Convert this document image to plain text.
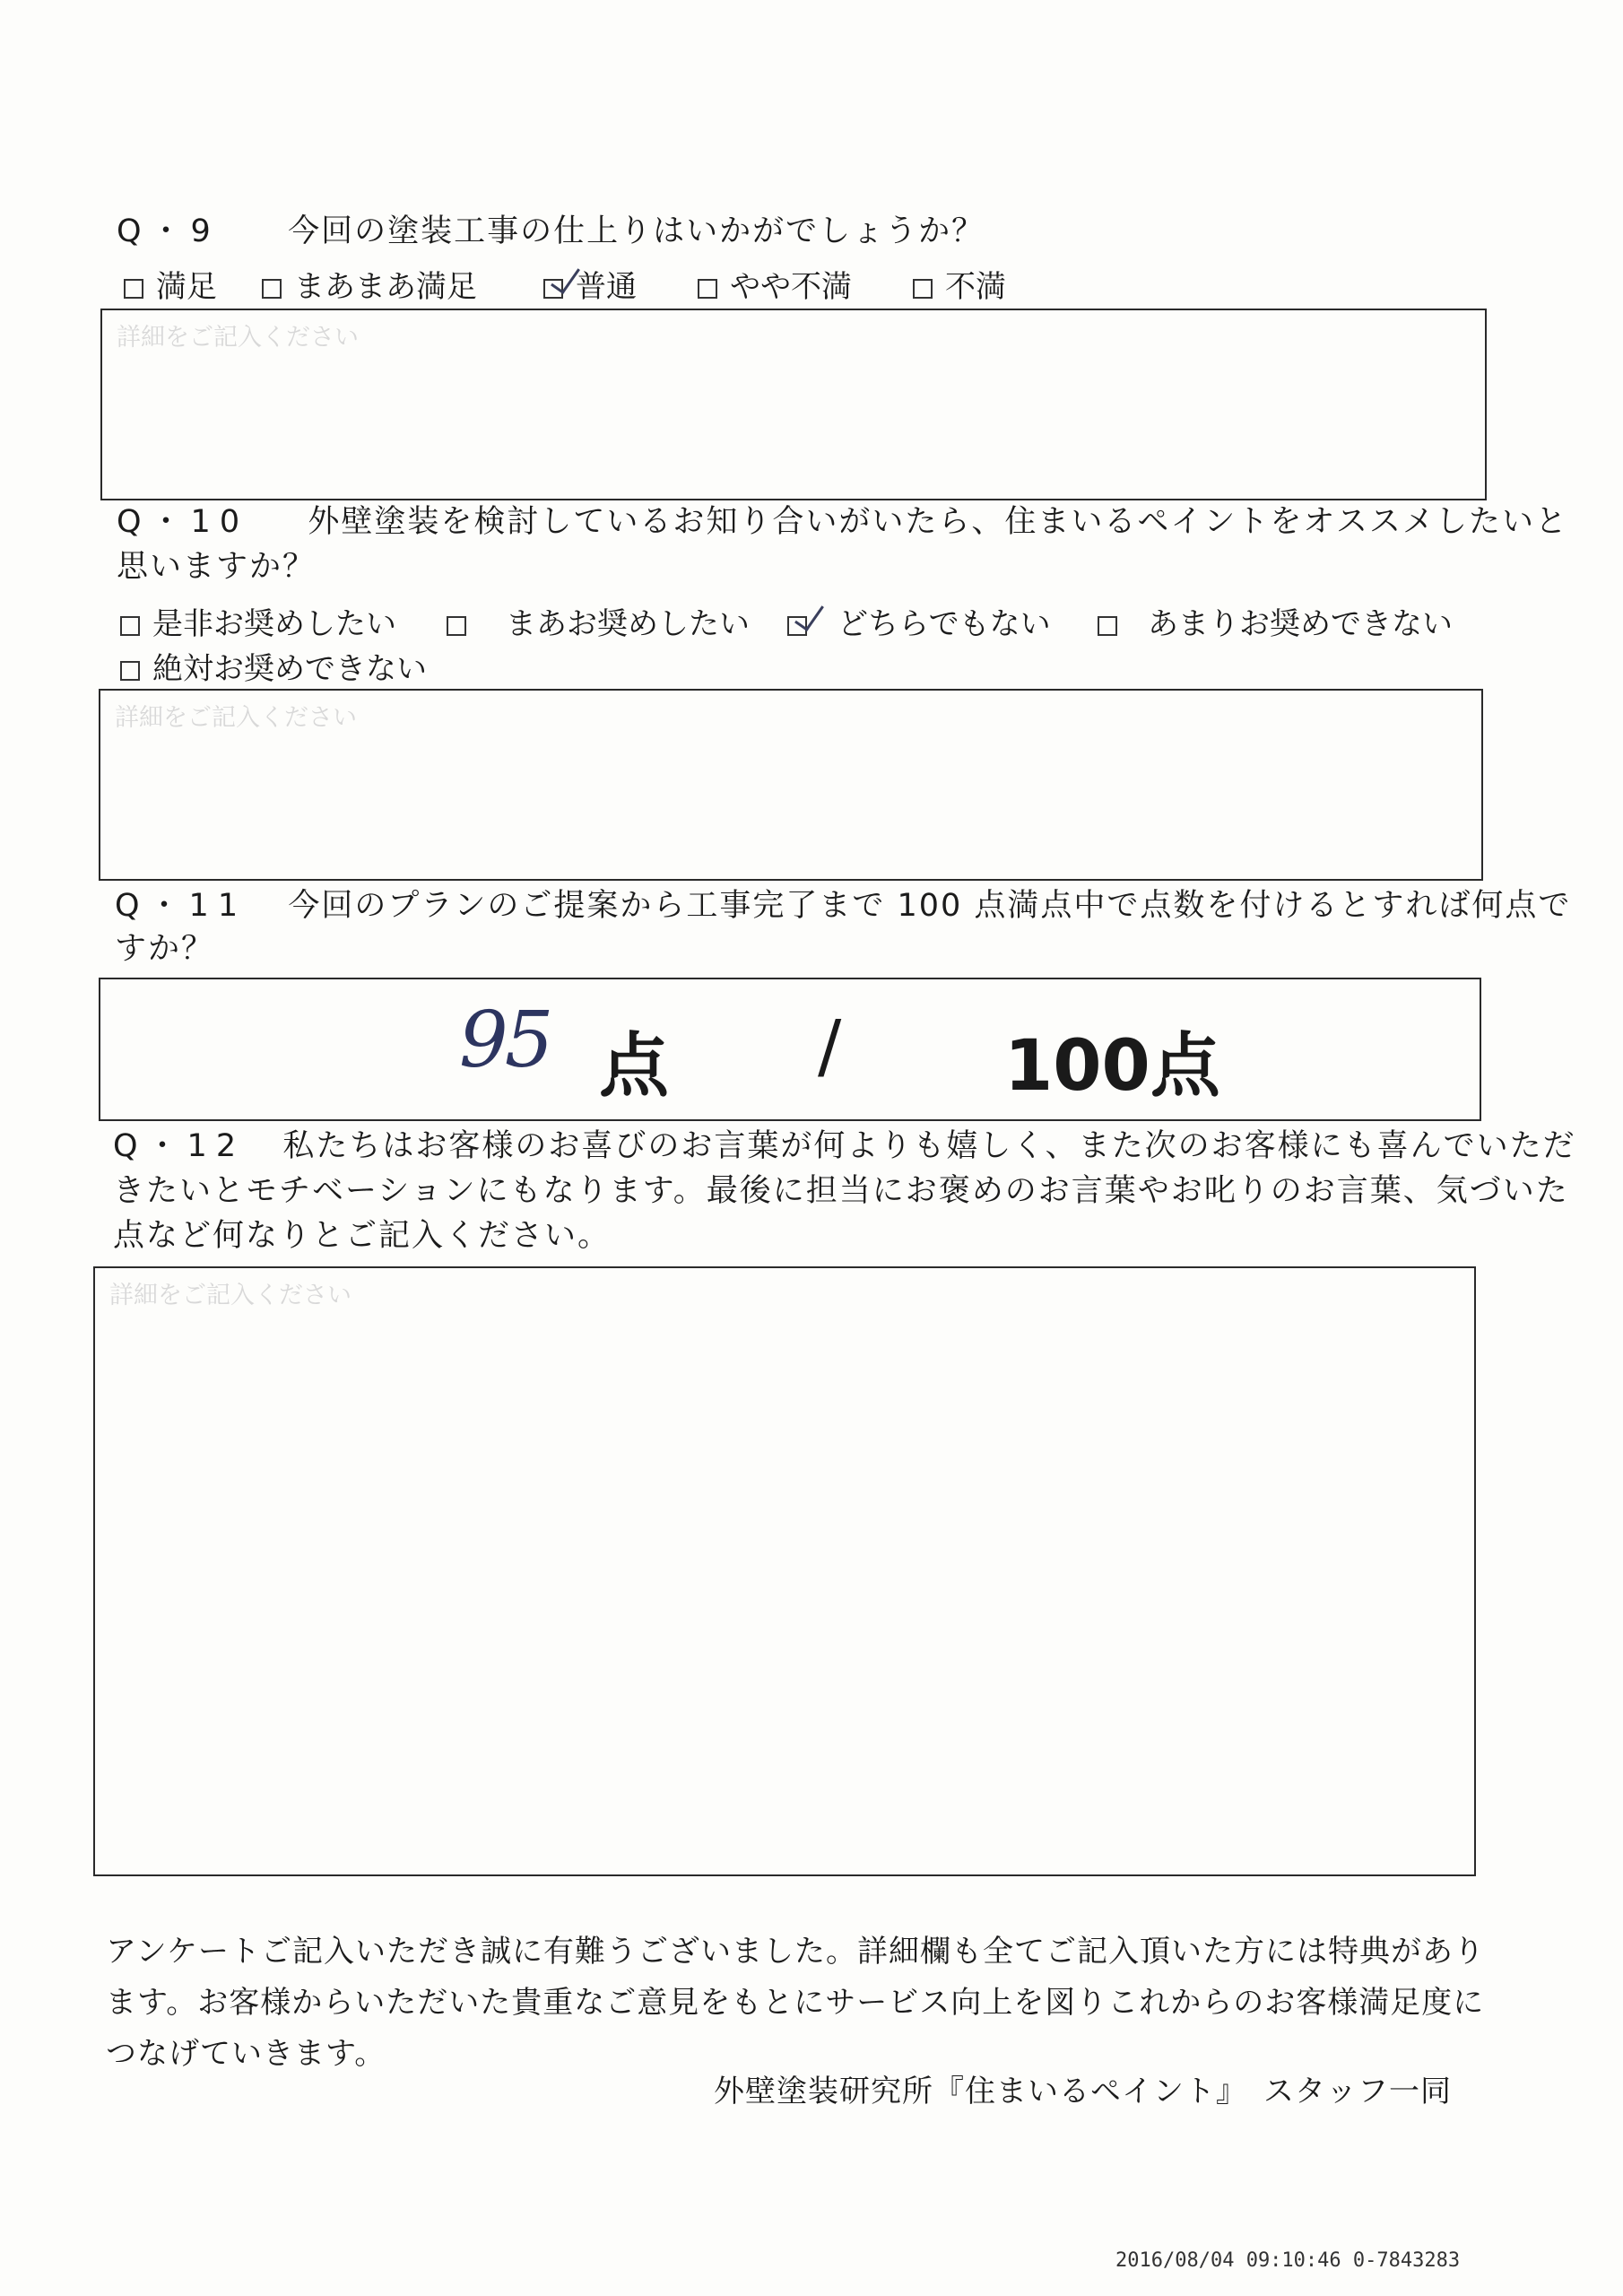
Q・9 今回の塗装工事の仕上りはいかがでしょうか？
満足	まあまあ満足	普通	やや不満	不満
詳細をご記入ください
Q・10 外壁塗装を検討しているお知り合いがいたら、住まいるペイントをオススメしたいと
思いますか？
是非お奨めしたい	まあお奨めしたい	どちらでもない	あまりお奨めできない
絶対お奨めできない
詳細をご記入ください
Q・11 今回のプランのご提案から工事完了まで 100 点満点中で点数を付けるとすれば何点で
すか？
95 点 / 100点
Q・12 私たちはお客様のお喜びのお言葉が何よりも嬉しく、また次のお客様にも喜んでいただ
きたいとモチベーションにもなります。最後に担当にお褒めのお言葉やお叱りのお言葉、気づいた
点など何なりとご記入ください。
詳細をご記入ください
アンケートご記入いただき誠に有難うございました。詳細欄も全てご記入頂いた方には特典があり
ます。お客様からいただいた貴重なご意見をもとにサービス向上を図りこれからのお客様満足度に
つなげていきます。
外壁塗装研究所『住まいるペイント』　スタッフ一同
2016/08/04 09:10:46 0-7843283
